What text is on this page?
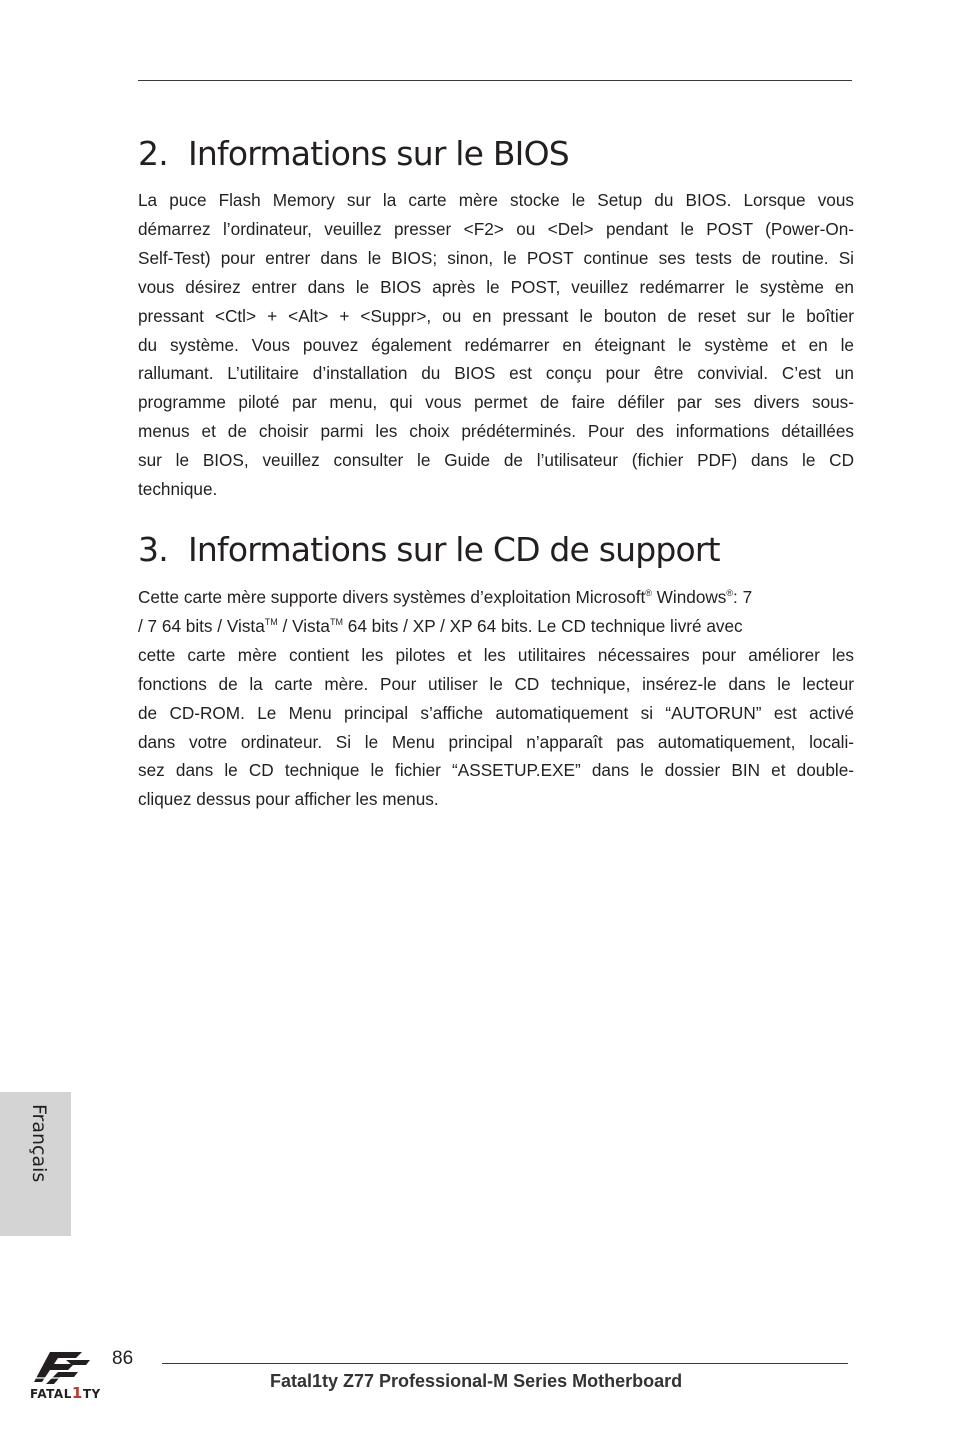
2. Informations sur le BIOS

La puce Flash Memory sur la carte mère stocke le Setup du BIOS. Lorsque vous
démarrez l’ordinateur, veuillez presser <F2> ou <Del> pendant le POST (Power-On-
Self-Test) pour entrer dans le BIOS; sinon, le POST continue ses tests de routine. Si
vous désirez entrer dans le BIOS après le POST, veuillez redémarrer le système en
pressant <Ctl> + <Alt> + <Suppr>, ou en pressant le bouton de reset sur le boîtier
du système. Vous pouvez également redémarrer en éteignant le système et en le
rallumant. L’utilitaire d’installation du BIOS est conçu pour être convivial. C’est un
programme piloté par menu, qui vous permet de faire défiler par ses divers sous-
menus et de choisir parmi les choix prédéterminés. Pour des informations détaillées
sur le BIOS, veuillez consulter le Guide de l’utilisateur (fichier PDF) dans le CD
technique.

3. Informations sur le CD de support

Cette carte mère supporte divers systèmes d’exploitation Microsoft® Windows®: 7
/ 7 64 bits / Vista™ / Vista™ 64 bits / XP / XP 64 bits. Le CD technique livré avec
cette carte mère contient les pilotes et les utilitaires nécessaires pour améliorer les
fonctions de la carte mère. Pour utiliser le CD technique, insérez-le dans le lecteur
de CD-ROM. Le Menu principal s’affiche automatiquement si “AUTORUN” est activé
dans votre ordinateur. Si le Menu principal n’apparaît pas automatiquement, locali-
sez dans le CD technique le fichier “ASSETUP.EXE” dans le dossier BIN et double-
cliquez dessus pour afficher les menus.

Français
FATAL1TY
86
Fatal1ty Z77 Professional-M Series Motherboard
